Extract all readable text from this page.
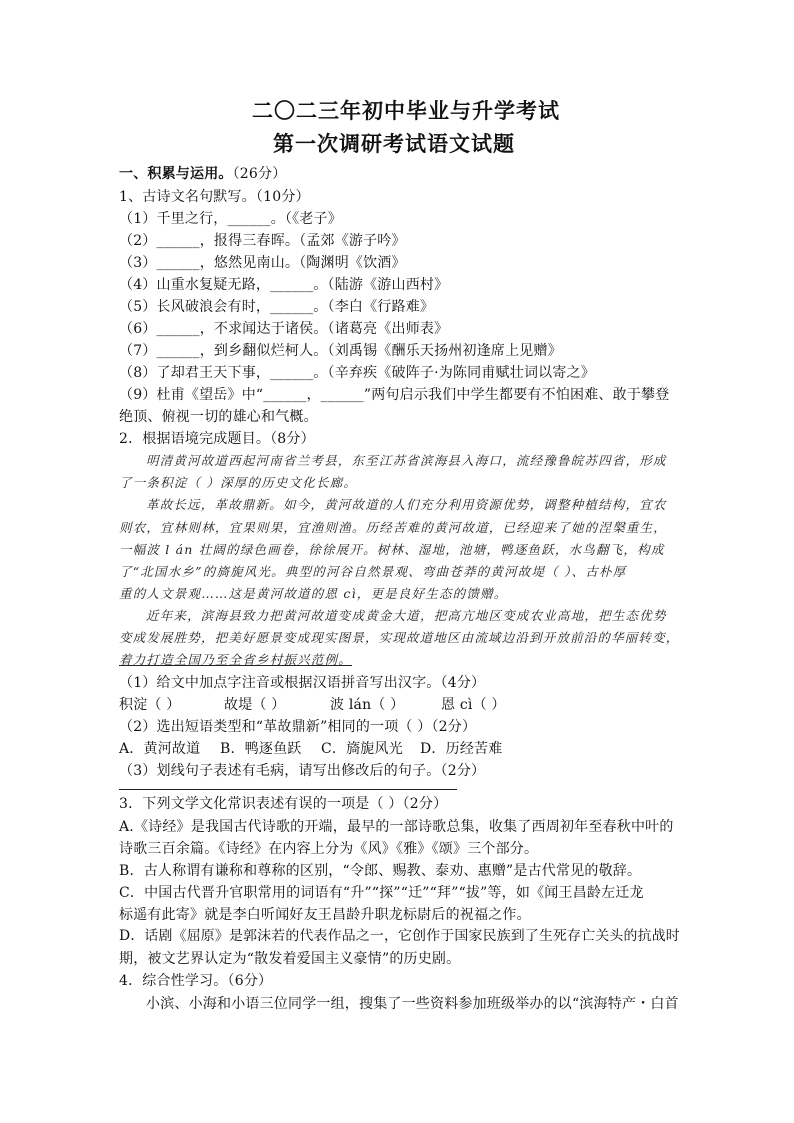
二〇二三年初中毕业与升学考试
第一次调研考试语文试题
一、积累与运用。（26分）
1、古诗文名句默写。（10分）
（1）千里之行，______。（《老子》
（2）______，报得三春晖。（孟郊《游子吟》
（3）______，悠然见南山。（陶渊明《饮酒》
（4）山重水复疑无路，______。（陆游《游山西村》
（5）长风破浪会有时，______。（李白《行路难》
（6）______，不求闻达于诸侯。（诸葛亮《出师表》
（7）______，到乡翻似烂柯人。（刘禹锡《酬乐天扬州初逢席上见赠》
（8）了却君王天下事，______。（辛弃疾《破阵子·为陈同甫赋壮词以寄之》
（9）杜甫《望岳》中“______，______”两句启示我们中学生都要有不怕困难、敢于攀登
绝顶、俯视一切的雄心和气概。
2．根据语境完成题目。（8分）
明清黄河故道西起河南省兰考县，东至江苏省滨海县入海口，流经豫鲁皖苏四省，形成
了一条积淀（ ）深厚的历史文化长廊。
革故长远，革故鼎新。如今，黄河故道的人们充分利用资源优势，调整种植结构，宜农
则农，宜林则林，宜果则果，宜渔则渔。历经苦难的黄河故道，已经迎来了她的涅槃重生，
一幅波 l án 壮阔的绿色画卷，徐徐展开。树林、湿地，池塘，鸭逐鱼跃，水鸟翻飞，构成
了“北国水乡”的旖旎风光。典型的河谷自然景观、弯曲苍莽的黄河故堤（ ）、古朴厚
重的人文景观……这是黄河故道的恩 cì，更是良好生态的馈赠。
近年来，滨海县致力把黄河故道变成黄金大道，把高亢地区变成农业高地，把生态优势
变成发展胜势，把美好愿景变成现实图景，实现故道地区由流域边沿到开放前沿的华丽转变，
着力打造全国乃至全省乡村振兴范例。
（1）给文中加点字注音或根据汉语拼音写出汉字。（4分）
积淀（ ）	故堤（ ）	波 lán（ ）	恩 cì（ ）
（2）选出短语类型和“革故鼎新”相同的一项（ ）（2分）
A．黄河故道 B．鸭逐鱼跃 C．旖旎风光 D．历经苦难
（3）划线句子表述有毛病，请写出修改后的句子。（2分）
3．下列文学文化常识表述有误的一项是（ ）（2分）
A.《诗经》是我国古代诗歌的开端，最早的一部诗歌总集，收集了西周初年至春秋中叶的
诗歌三百余篇。《诗经》在内容上分为《风》《雅》《颂》三个部分。
B．古人称谓有谦称和尊称的区别，“令郎、赐教、泰劝、惠赠”是古代常见的敬辞。
C．中国古代晋升官职常用的词语有“升”“探”“迁”“拜”“拔”等，如《闻王昌龄左迁龙
标遥有此寄》就是李白听闻好友王昌龄升职龙标尉后的祝福之作。
D．话剧《屈原》是郭沫若的代表作品之一，它创作于国家民族到了生死存亡关头的抗战时
期，被文艺界认定为“散发着爱国主义豪情”的历史剧。
4．综合性学习。（6分）
小滨、小海和小语三位同学一组，搜集了一些资料参加班级举办的以“滨海特产・白首
